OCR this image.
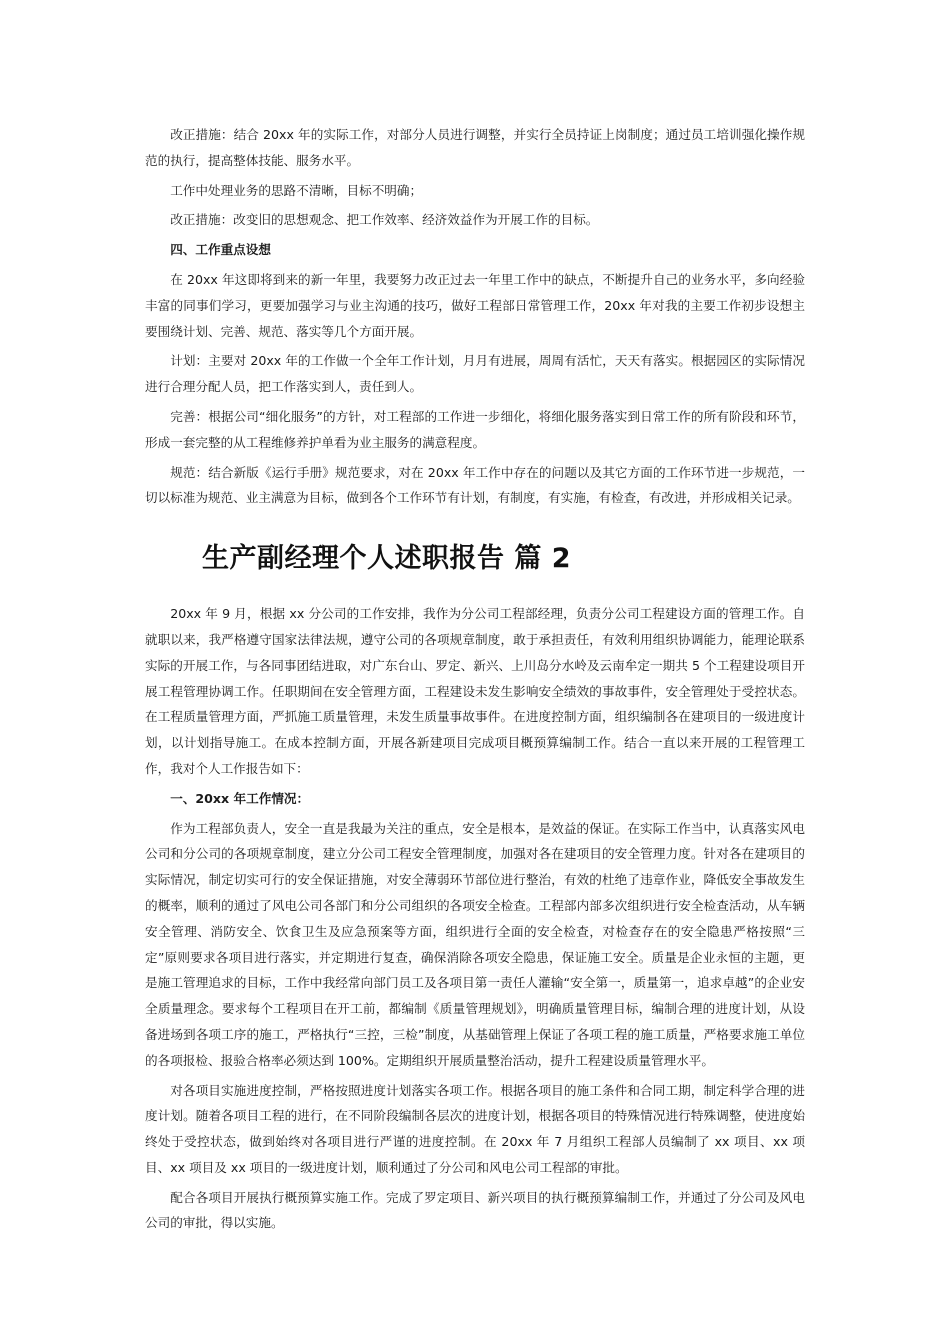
改正措施：结合 20xx 年的实际工作，对部分人员进行调整，并实行全员持证上岗制度；通过员工培训强化操作规范的执行，提高整体技能、服务水平。

工作中处理业务的思路不清晰，目标不明确；

改正措施：改变旧的思想观念、把工作效率、经济效益作为开展工作的目标。

四、工作重点设想

在 20xx 年这即将到来的新一年里，我要努力改正过去一年里工作中的缺点，不断提升自己的业务水平，多向经验丰富的同事们学习，更要加强学习与业主沟通的技巧，做好工程部日常管理工作，20xx 年对我的主要工作初步设想主要围绕计划、完善、规范、落实等几个方面开展。

计划：主要对 20xx 年的工作做一个全年工作计划，月月有进展，周周有活忙，天天有落实。根据园区的实际情况进行合理分配人员，把工作落实到人，责任到人。

完善：根据公司“细化服务”的方针，对工程部的工作进一步细化，将细化服务落实到日常工作的所有阶段和环节，形成一套完整的从工程维修养护单看为业主服务的满意程度。

规范：结合新版《运行手册》规范要求，对在 20xx 年工作中存在的问题以及其它方面的工作环节进一步规范，一切以标准为规范、业主满意为目标，做到各个工作环节有计划，有制度，有实施，有检查，有改进，并形成相关记录。

生产副经理个人述职报告 篇 2

20xx 年 9 月，根据 xx 分公司的工作安排，我作为分公司工程部经理，负责分公司工程建设方面的管理工作。自就职以来，我严格遵守国家法律法规，遵守公司的各项规章制度，敢于承担责任，有效利用组织协调能力，能理论联系实际的开展工作，与各同事团结进取，对广东台山、罗定、新兴、上川岛分水岭及云南牟定一期共 5 个工程建设项目开展工程管理协调工作。任职期间在安全管理方面，工程建设未发生影响安全绩效的事故事件，安全管理处于受控状态。在工程质量管理方面，严抓施工质量管理，未发生质量事故事件。在进度控制方面，组织编制各在建项目的一级进度计划，以计划指导施工。在成本控制方面，开展各新建项目完成项目概预算编制工作。结合一直以来开展的工程管理工作，我对个人工作报告如下：

一、20xx 年工作情况：

作为工程部负责人，安全一直是我最为关注的重点，安全是根本，是效益的保证。在实际工作当中，认真落实风电公司和分公司的各项规章制度，建立分公司工程安全管理制度，加强对各在建项目的安全管理力度。针对各在建项目的实际情况，制定切实可行的安全保证措施，对安全薄弱环节部位进行整治，有效的杜绝了违章作业，降低安全事故发生的概率，顺利的通过了风电公司各部门和分公司组织的各项安全检查。工程部内部多次组织进行安全检查活动，从车辆安全管理、消防安全、饮食卫生及应急预案等方面，组织进行全面的安全检查，对检查存在的安全隐患严格按照“三定”原则要求各项目进行落实，并定期进行复查，确保消除各项安全隐患，保证施工安全。质量是企业永恒的主题，更是施工管理追求的目标，工作中我经常向部门员工及各项目第一责任人灌输“安全第一，质量第一，追求卓越”的企业安全质量理念。要求每个工程项目在开工前，都编制《质量管理规划》，明确质量管理目标，编制合理的进度计划，从设备进场到各项工序的施工，严格执行“三控，三检”制度，从基础管理上保证了各项工程的施工质量，严格要求施工单位的各项报检、报验合格率必须达到 100%。定期组织开展质量整治活动，提升工程建设质量管理水平。

对各项目实施进度控制，严格按照进度计划落实各项工作。根据各项目的施工条件和合同工期，制定科学合理的进度计划。随着各项目工程的进行，在不同阶段编制各层次的进度计划，根据各项目的特殊情况进行特殊调整，使进度始终处于受控状态，做到始终对各项目进行严谨的进度控制。在 20xx 年 7 月组织工程部人员编制了 xx 项目、xx 项目、xx 项目及 xx 项目的一级进度计划，顺利通过了分公司和风电公司工程部的审批。

配合各项目开展执行概预算实施工作。完成了罗定项目、新兴项目的执行概预算编制工作，并通过了分公司及风电公司的审批，得以实施。
